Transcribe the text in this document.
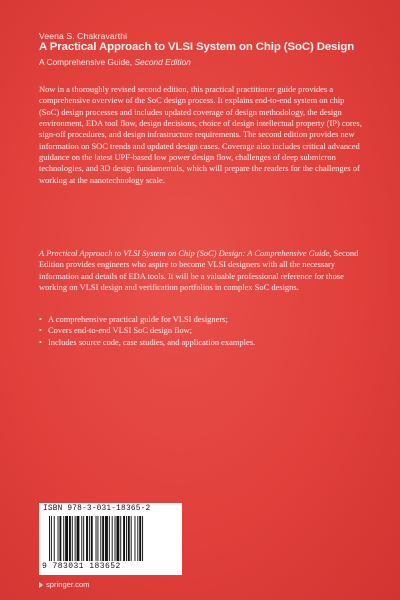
Veena S. Chakravarthi
A Practical Approach to VLSI System on Chip (SoC) Design
A Comprehensive Guide, Second Edition
Now in a thoroughly revised second edition, this practical practitioner guide provides a comprehensive overview of the SoC design process. It explains end-to-end system on chip (SoC) design processes and includes updated coverage of design methodology, the design environment, EDA tool flow, design decisions, choice of design intellectual property (IP) cores, sign-off procedures, and design infrastructure requirements. The second edition provides new information on SOC trends and updated design cases. Coverage also includes critical advanced guidance on the latest UPF-based low power design flow, challenges of deep submicron technologies, and 3D design fundamentals, which will prepare the readers for the challenges of working at the nanotechnology scale.
A Practical Approach to VLSI System on Chip (SoC) Design: A Comprehensive Guide, Second Edition provides engineers who aspire to become VLSI designers with all the necessary information and details of EDA tools. It will be a valuable professional reference for those working on VLSI design and verification portfolios in complex SoC designs.
• A comprehensive practical guide for VLSI designers;
• Covers end-to-end VLSI SoC design flow;
• Includes source code, case studies, and application examples.
ISBN 978-3-031-18365-2
9 783031 183652
springer.com
